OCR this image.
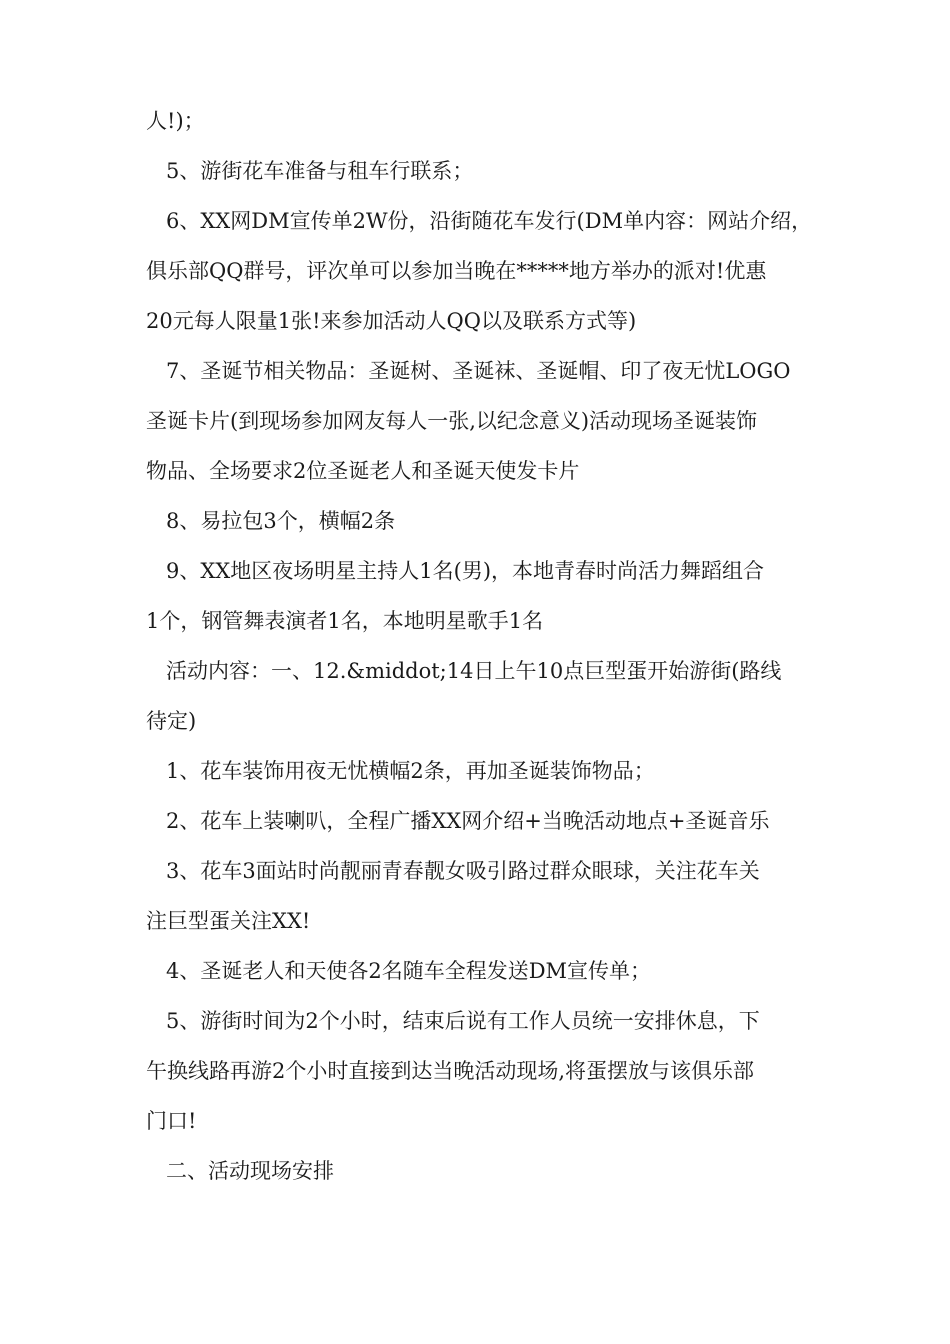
人!)；
5、游街花车准备与租车行联系；
6、XX网DM宣传单2W份，沿街随花车发行(DM单内容：网站介绍，
俱乐部QQ群号，评次单可以参加当晚在*****地方举办的派对!优惠
20元每人限量1张!来参加活动人QQ以及联系方式等)
7、圣诞节相关物品：圣诞树、圣诞袜、圣诞帽、印了夜无忧LOGO
圣诞卡片(到现场参加网友每人一张,以纪念意义)活动现场圣诞装饰
物品、全场要求2位圣诞老人和圣诞天使发卡片
8、易拉包3个，横幅2条
9、XX地区夜场明星主持人1名(男)，本地青春时尚活力舞蹈组合
1个，钢管舞表演者1名，本地明星歌手1名
活动内容：一、12.&middot;14日上午10点巨型蛋开始游街(路线
待定)
1、花车装饰用夜无忧横幅2条，再加圣诞装饰物品；
2、花车上装喇叭，全程广播XX网介绍+当晚活动地点+圣诞音乐
3、花车3面站时尚靓丽青春靓女吸引路过群众眼球，关注花车关
注巨型蛋关注XX!
4、圣诞老人和天使各2名随车全程发送DM宣传单；
5、游街时间为2个小时，结束后说有工作人员统一安排休息，下
午换线路再游2个小时直接到达当晚活动现场,将蛋摆放与该俱乐部
门口!
二、活动现场安排
